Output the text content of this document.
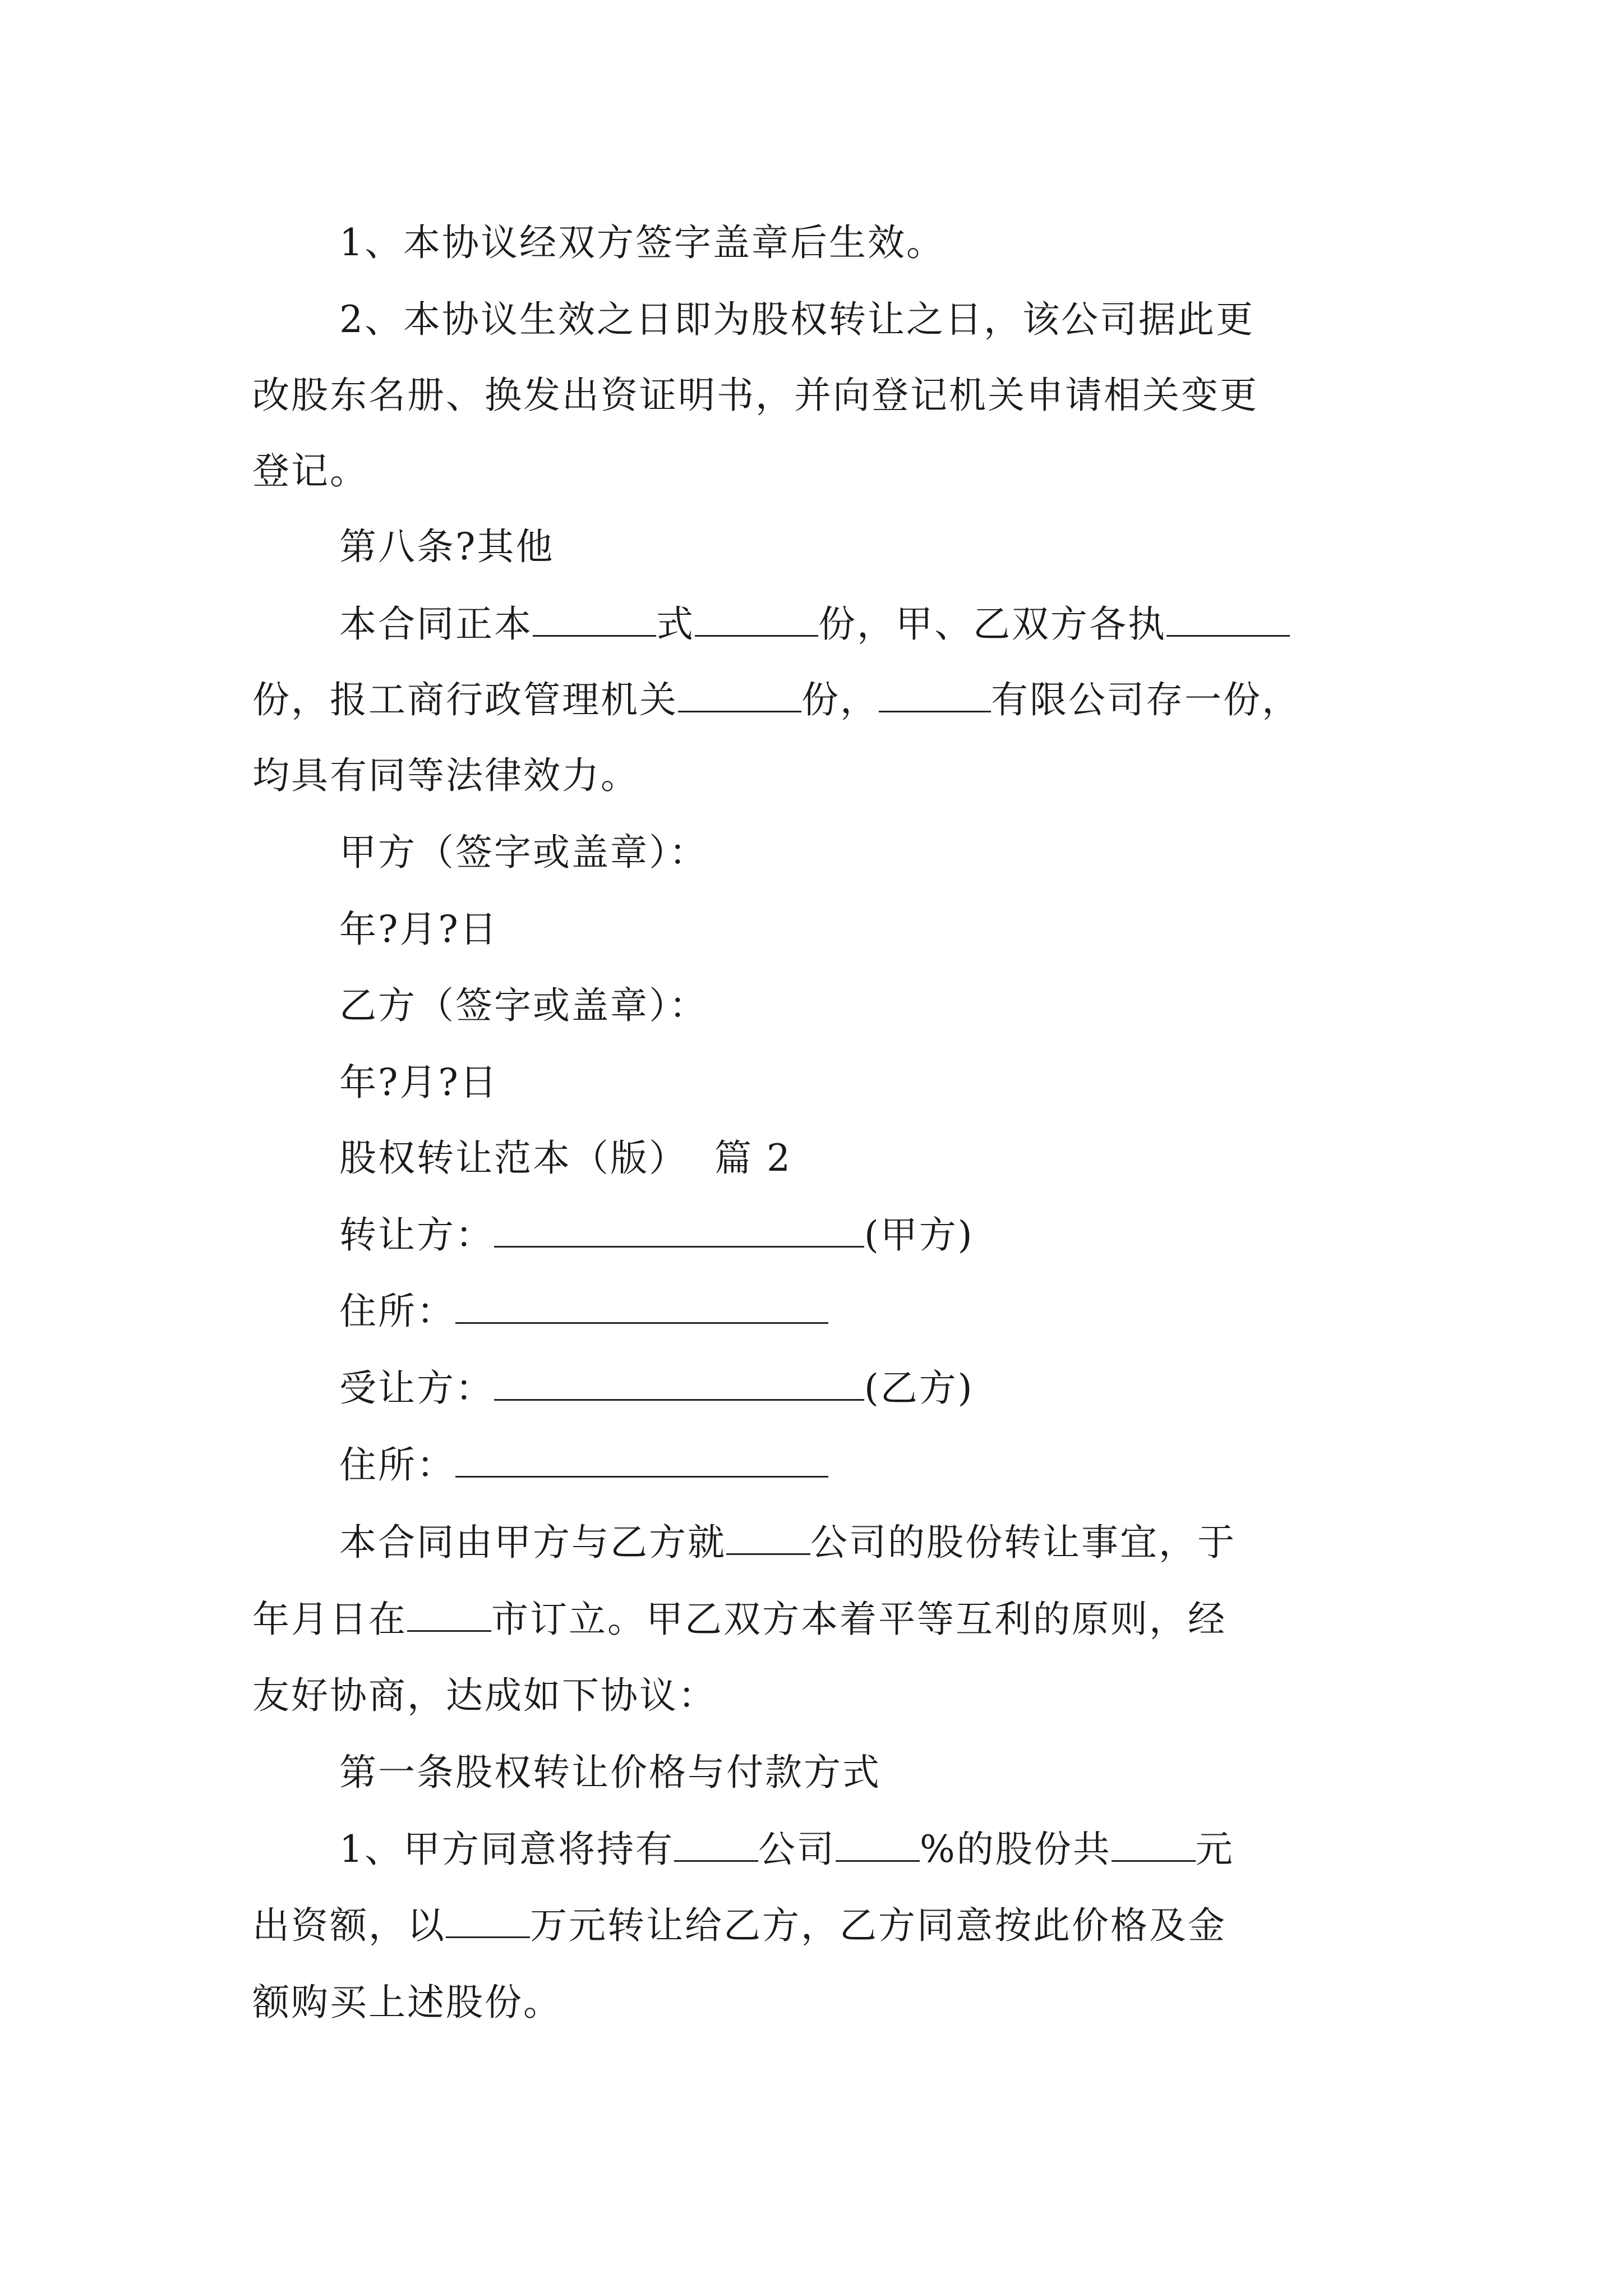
1、本协议经双方签字盖章后生效。
2、本协议生效之日即为股权转让之日，该公司据此更
改股东名册、换发出资证明书，并向登记机关申请相关变更
登记。
第八条?其他
本合同正本	式	份，甲、乙双方各执
份，报工商行政管理机关	份，	有限公司存一份，
均具有同等法律效力。
甲方（签字或盖章）：
年?月?日
乙方（签字或盖章）：
年?月?日
股权转让范本（版）  篇 2
转让方：	(甲方)
住所：
受让方：	(乙方)
住所：
本合同由甲方与乙方就 公司的股份转让事宜，于
年月日在 市订立。甲乙双方本着平等互利的原则，经
友好协商，达成如下协议：
第一条股权转让价格与付款方式
1、甲方同意将持有 公司 %的股份共 元
出资额，以 万元转让给乙方，乙方同意按此价格及金
额购买上述股份。
